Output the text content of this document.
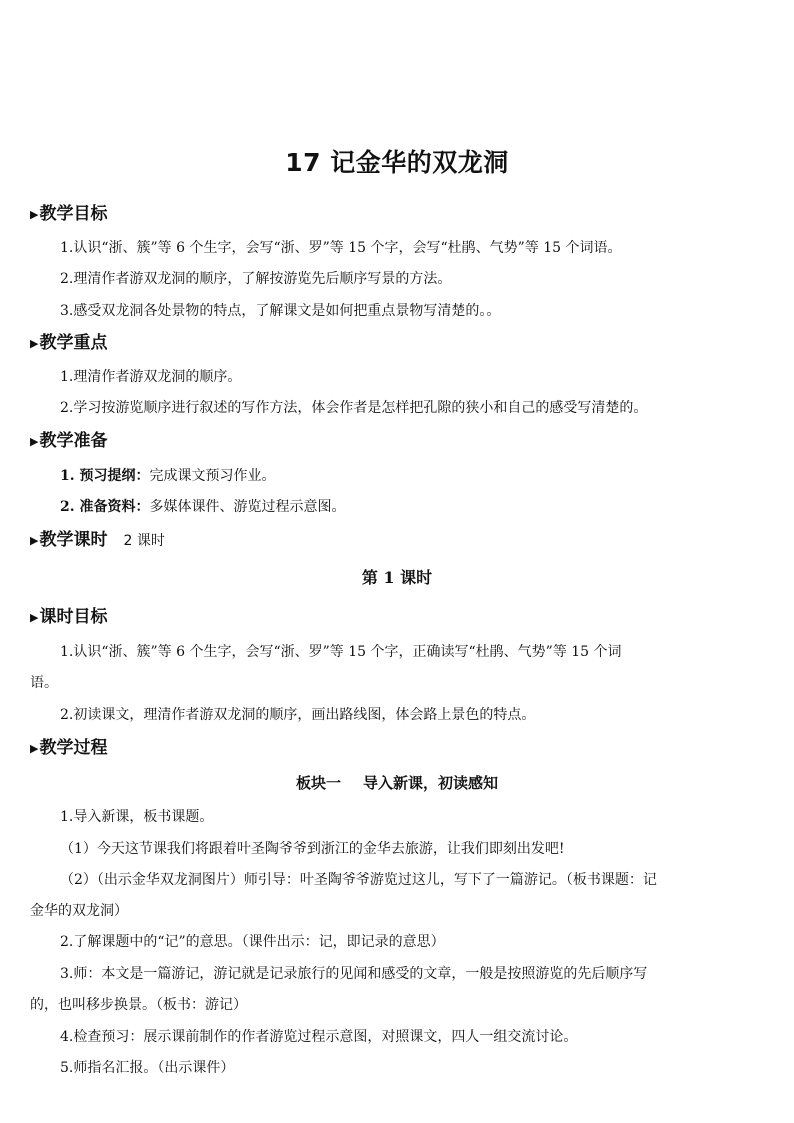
17 记金华的双龙洞
▶教学目标
1.认识“浙、簇”等 6 个生字，会写“浙、罗”等 15 个字，会写“杜鹃、气势”等 15 个词语。
2.理清作者游双龙洞的顺序，了解按游览先后顺序写景的方法。
3.感受双龙洞各处景物的特点，了解课文是如何把重点景物写清楚的。。
▶教学重点
1.理清作者游双龙洞的顺序。
2.学习按游览顺序进行叙述的写作方法，体会作者是怎样把孔隙的狭小和自己的感受写清楚的。
▶教学准备
1. 预习提纲：完成课文预习作业。
2. 准备资料：多媒体课件、游览过程示意图。
▶教学课时 2 课时
第 1 课时
▶课时目标
1.认识“浙、簇”等 6 个生字，会写“浙、罗”等 15 个字，正确读写“杜鹃、气势”等 15 个词
语。
2.初读课文，理清作者游双龙洞的顺序，画出路线图，体会路上景色的特点。
▶教学过程
板块一 导入新课，初读感知
1.导入新课，板书课题。
（1）今天这节课我们将跟着叶圣陶爷爷到浙江的金华去旅游，让我们即刻出发吧!
（2）（出示金华双龙洞图片）师引导：叶圣陶爷爷游览过这儿，写下了一篇游记。（板书课题：记
金华的双龙洞）
2.了解课题中的“记”的意思。（课件出示：记，即记录的意思）
3.师：本文是一篇游记，游记就是记录旅行的见闻和感受的文章，一般是按照游览的先后顺序写
的，也叫移步换景。（板书：游记）
4.检查预习：展示课前制作的作者游览过程示意图，对照课文，四人一组交流讨论。
5.师指名汇报。（出示课件）
